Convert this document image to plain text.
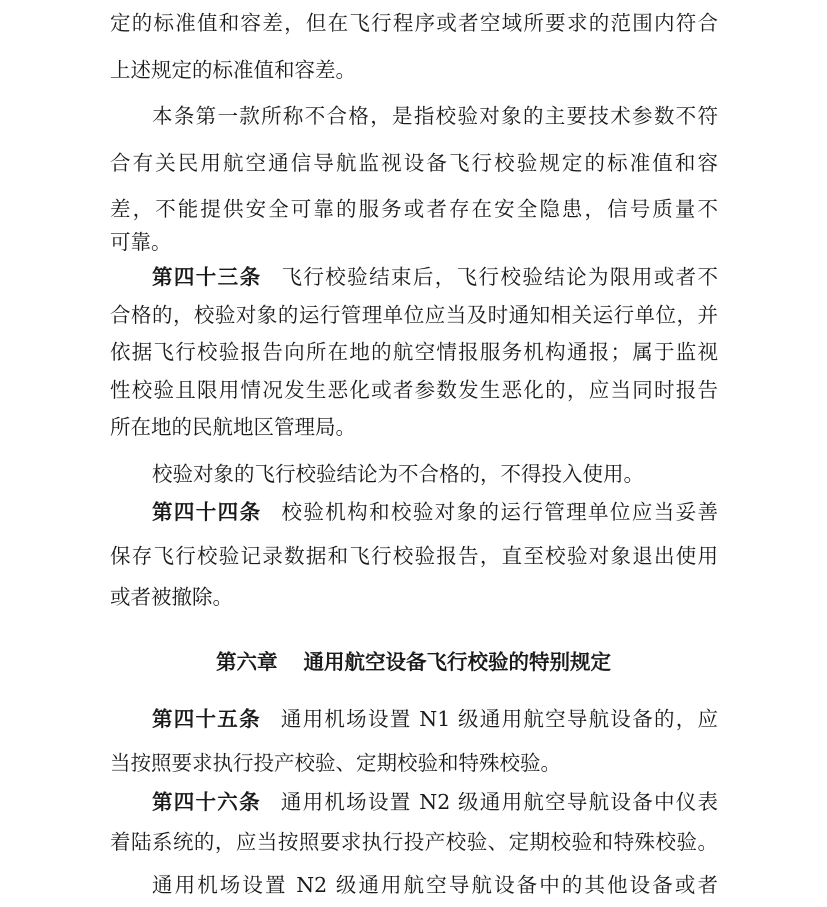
定的标准值和容差，但在飞行程序或者空域所要求的范围内符合
上述规定的标准值和容差。
本条第一款所称不合格，是指校验对象的主要技术参数不符
合有关民用航空通信导航监视设备飞行校验规定的标准值和容
差，不能提供安全可靠的服务或者存在安全隐患，信号质量不
可靠。
第四十三条 飞行校验结束后，飞行校验结论为限用或者不
合格的，校验对象的运行管理单位应当及时通知相关运行单位，并
依据飞行校验报告向所在地的航空情报服务机构通报；属于监视
性校验且限用情况发生恶化或者参数发生恶化的，应当同时报告
所在地的民航地区管理局。
校验对象的飞行校验结论为不合格的，不得投入使用。
第四十四条 校验机构和校验对象的运行管理单位应当妥善
保存飞行校验记录数据和飞行校验报告，直至校验对象退出使用
或者被撤除。
第六章 通用航空设备飞行校验的特别规定
第四十五条 通用机场设置 N1 级通用航空导航设备的，应
当按照要求执行投产校验、定期校验和特殊校验。
第四十六条 通用机场设置 N2 级通用航空导航设备中仪表
着陆系统的，应当按照要求执行投产校验、定期校验和特殊校验。
通用机场设置 N2 级通用航空导航设备中的其他设备或者
